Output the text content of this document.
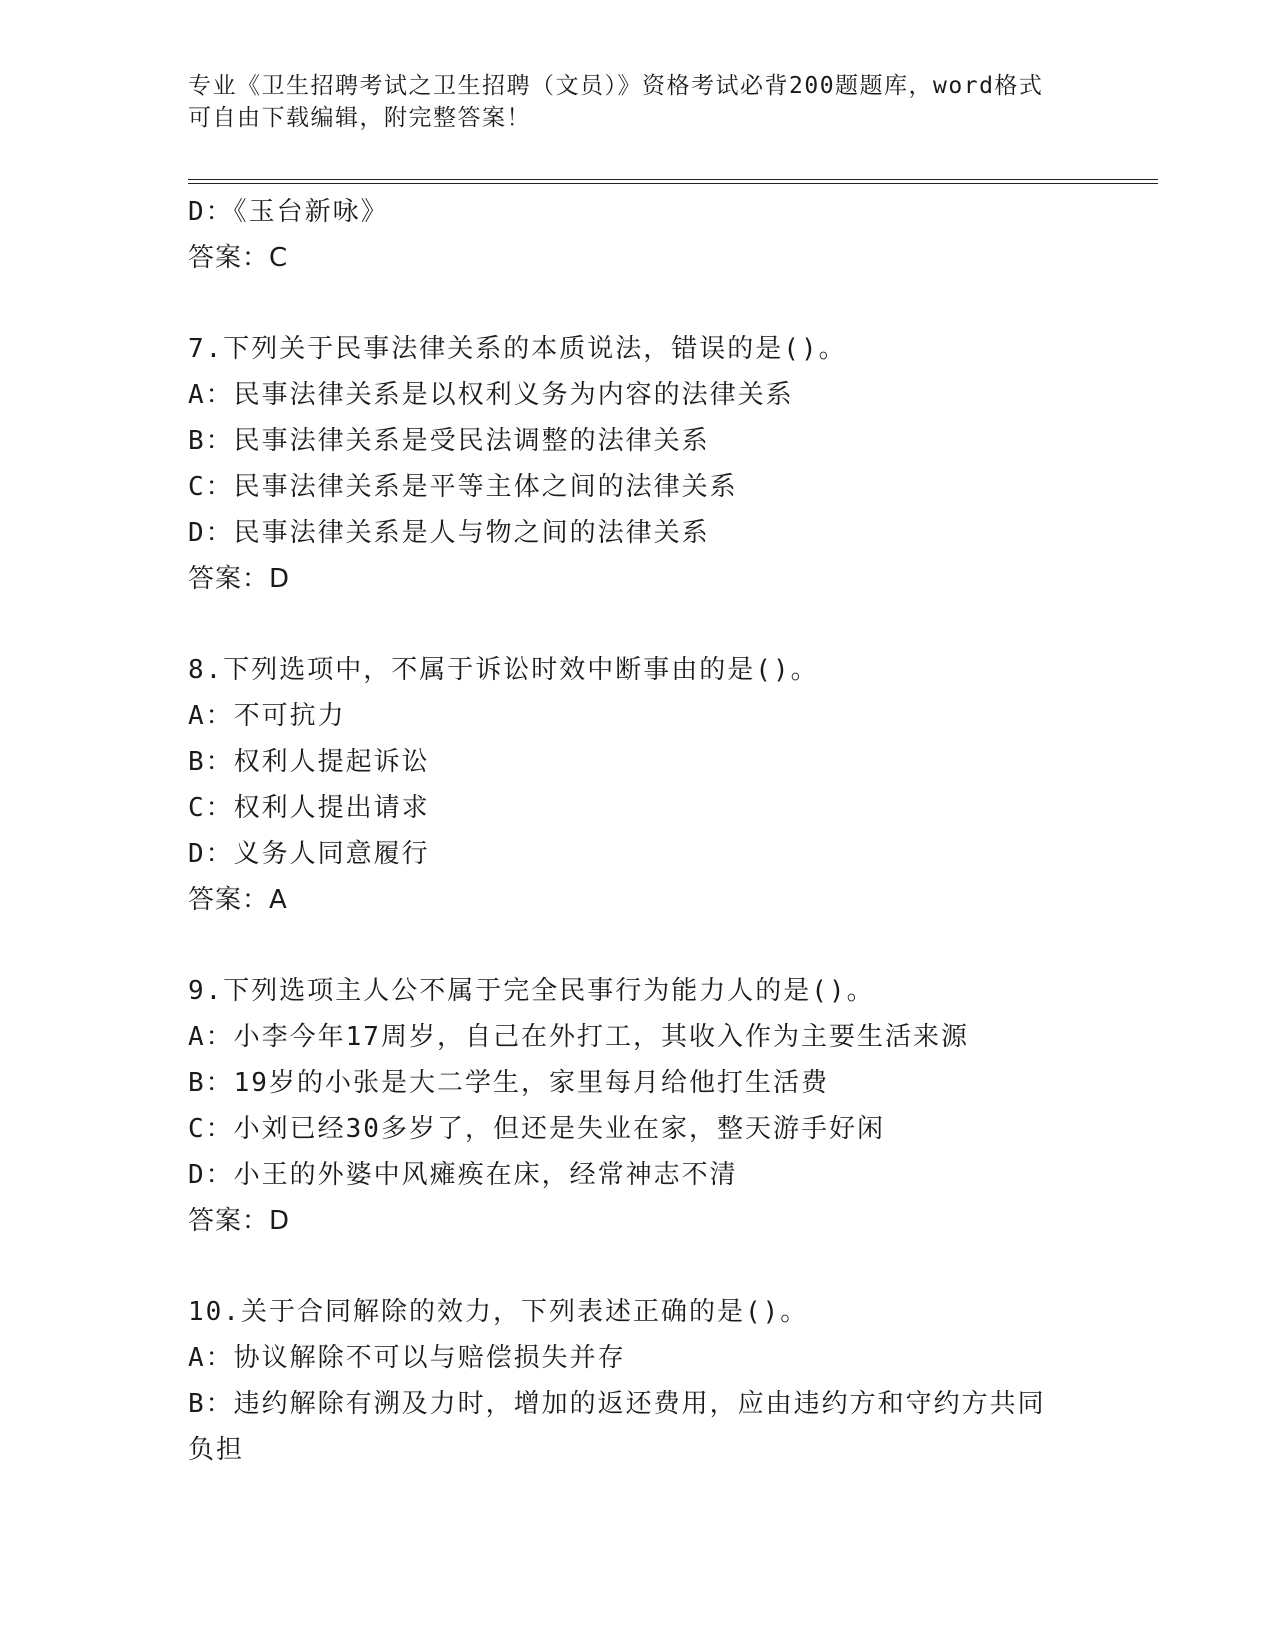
专业《卫生招聘考试之卫生招聘（文员）》资格考试必背200题题库，word格式
可自由下载编辑，附完整答案！
D：《玉台新咏》
答案：C
7.下列关于民事法律关系的本质说法，错误的是()。
A：民事法律关系是以权利义务为内容的法律关系
B：民事法律关系是受民法调整的法律关系
C：民事法律关系是平等主体之间的法律关系
D：民事法律关系是人与物之间的法律关系
答案：D
8.下列选项中，不属于诉讼时效中断事由的是()。
A：不可抗力
B：权利人提起诉讼
C：权利人提出请求
D：义务人同意履行
答案：A
9.下列选项主人公不属于完全民事行为能力人的是()。
A：小李今年17周岁，自己在外打工，其收入作为主要生活来源
B：19岁的小张是大二学生，家里每月给他打生活费
C：小刘已经30多岁了，但还是失业在家，整天游手好闲
D：小王的外婆中风瘫痪在床，经常神志不清
答案：D
10.关于合同解除的效力，下列表述正确的是()。
A：协议解除不可以与赔偿损失并存
B：违约解除有溯及力时，增加的返还费用，应由违约方和守约方共同负担
